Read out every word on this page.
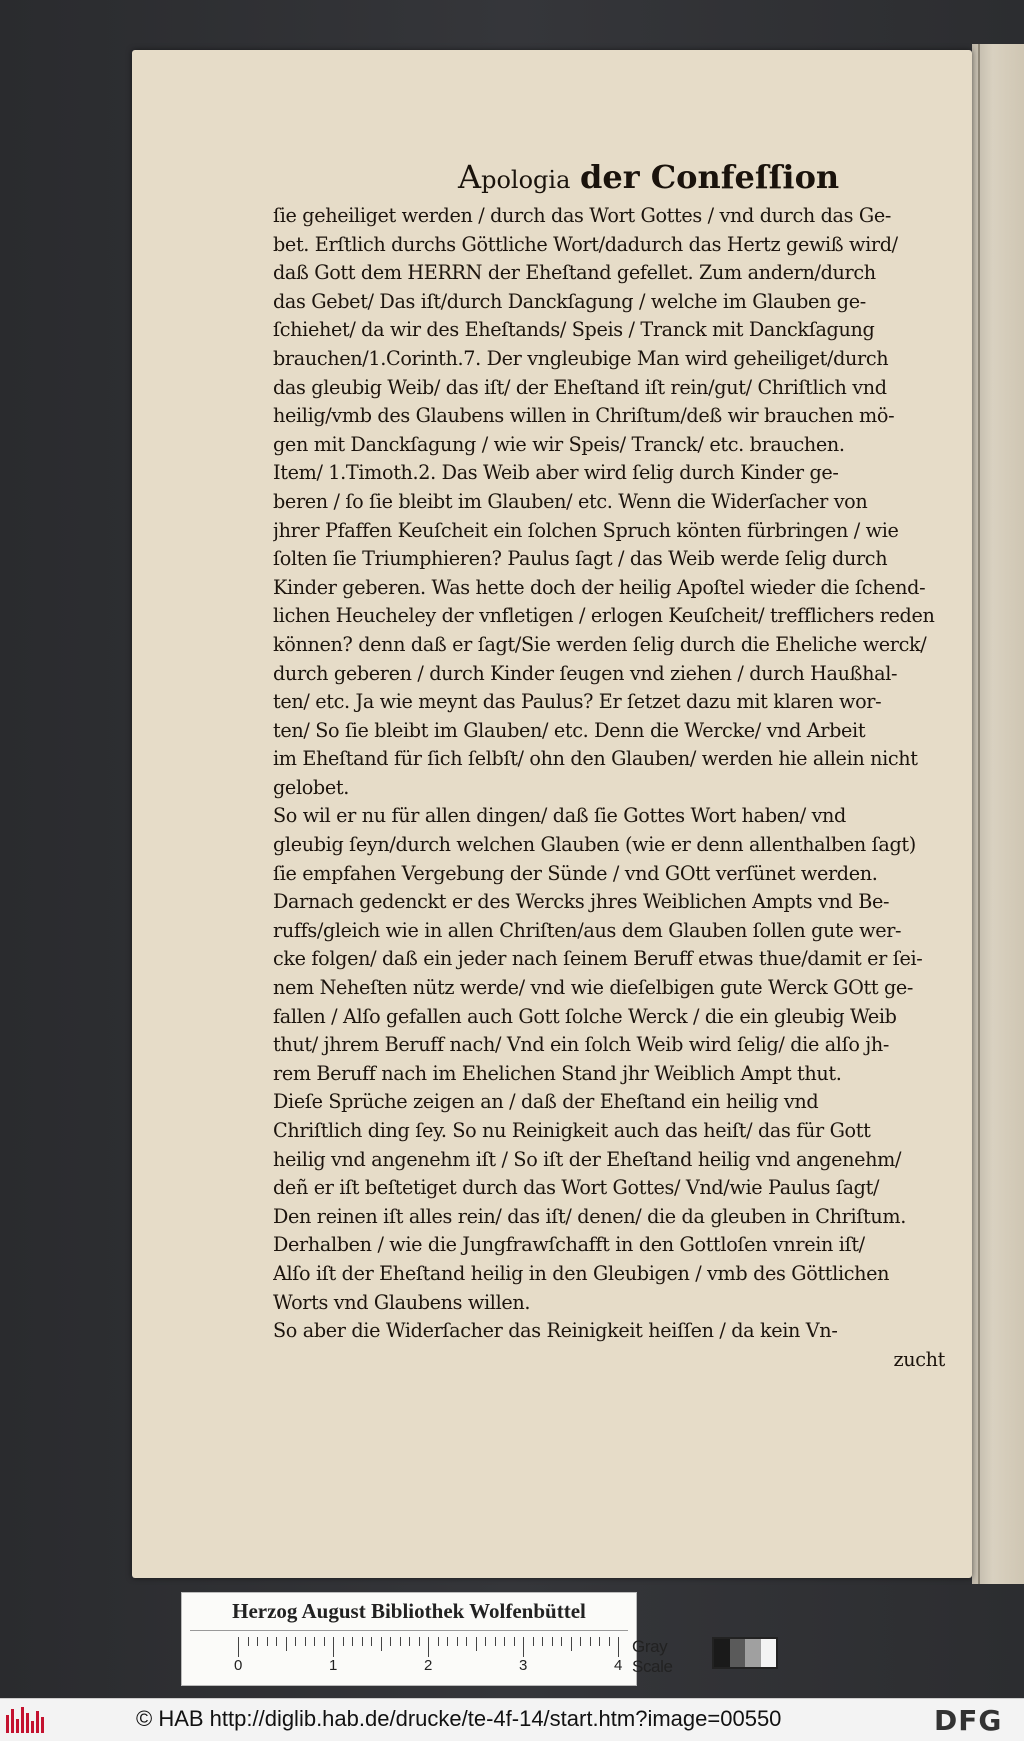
Apologia der Confeſſion
ſie geheiliget werden / durch das Wort Gottes / vnd durch das Ge-
bet. Erſtlich durchs Göttliche Wort/dadurch das Hertz gewiß wird/
daß Gott dem HERRN der Eheſtand gefellet. Zum andern/durch
das Gebet/ Das iſt/durch Danckſagung / welche im Glauben ge-
ſchiehet/ da wir des Eheſtands/ Speis / Tranck mit Danckſagung
brauchen/1.Corinth.7. Der vngleubige Man wird geheiliget/durch
das gleubig Weib/ das iſt/ der Eheſtand iſt rein/gut/ Chriſtlich vnd
heilig/vmb des Glaubens willen in Chriſtum/deß wir brauchen mö-
gen mit Danckſagung / wie wir Speis/ Tranck/ etc. brauchen.
Item/ 1.Timoth.2. Das Weib aber wird ſelig durch Kinder ge-
beren / ſo ſie bleibt im Glauben/ etc. Wenn die Widerſacher von
jhrer Pfaffen Keuſcheit ein ſolchen Spruch könten fürbringen / wie
ſolten ſie Triumphieren? Paulus ſagt / das Weib werde ſelig durch
Kinder geberen. Was hette doch der heilig Apoſtel wieder die ſchend-
lichen Heucheley der vnfletigen / erlogen Keuſcheit/ trefflichers reden
können? denn daß er ſagt/Sie werden ſelig durch die Eheliche werck/
durch geberen / durch Kinder ſeugen vnd ziehen / durch Haußhal-
ten/ etc. Ja wie meynt das Paulus? Er ſetzet dazu mit klaren wor-
ten/ So ſie bleibt im Glauben/ etc. Denn die Wercke/ vnd Arbeit
im Eheſtand für ſich ſelbſt/ ohn den Glauben/ werden hie allein nicht
gelobet.
So wil er nu für allen dingen/ daß ſie Gottes Wort haben/ vnd
gleubig ſeyn/durch welchen Glauben (wie er denn allenthalben ſagt)
ſie empfahen Vergebung der Sünde / vnd GOtt verſünet werden.
Darnach gedenckt er des Wercks jhres Weiblichen Ampts vnd Be-
ruffs/gleich wie in allen Chriſten/aus dem Glauben ſollen gute wer-
cke folgen/ daß ein jeder nach ſeinem Beruff etwas thue/damit er ſei-
nem Neheſten nütz werde/ vnd wie dieſelbigen gute Werck GOtt ge-
fallen / Alſo gefallen auch Gott ſolche Werck / die ein gleubig Weib
thut/ jhrem Beruff nach/ Vnd ein ſolch Weib wird ſelig/ die alſo jh-
rem Beruff nach im Ehelichen Stand jhr Weiblich Ampt thut.
Dieſe Sprüche zeigen an / daß der Eheſtand ein heilig vnd
Chriſtlich ding ſey. So nu Reinigkeit auch das heiſt/ das für Gott
heilig vnd angenehm iſt / So iſt der Eheſtand heilig vnd angenehm/
deñ er iſt beſtetiget durch das Wort Gottes/ Vnd/wie Paulus ſagt/
Den reinen iſt alles rein/ das iſt/ denen/ die da gleuben in Chriſtum.
Derhalben / wie die Jungfrawſchafft in den Gottloſen vnrein iſt/
Alſo iſt der Eheſtand heilig in den Gleubigen / vmb des Göttlichen
Worts vnd Glaubens willen.
So aber die Widerſacher das Reinigkeit heiſſen / da kein Vn-
zucht
Herzog August Bibliothek Wolfenbüttel
0	1	2	3	4
Gray Scale
© HAB http://diglib.hab.de/drucke/te-4f-14/start.htm?image=00550	DFG
